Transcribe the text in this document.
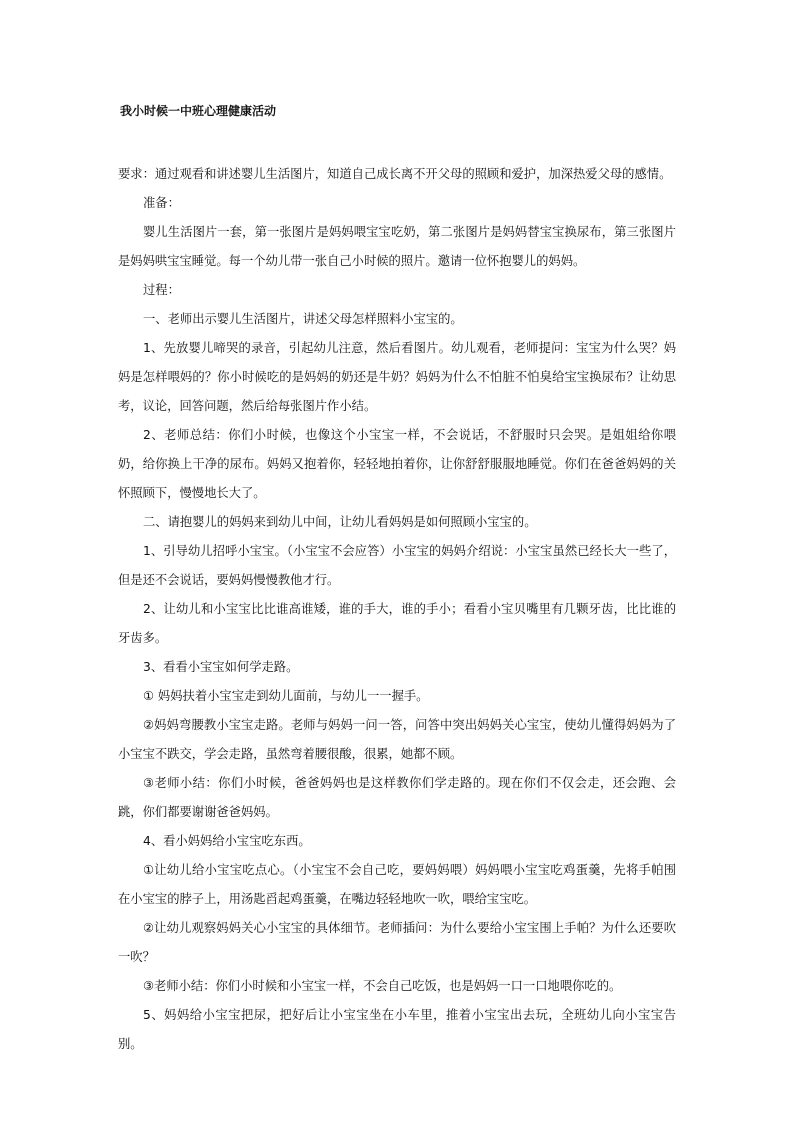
我小时候一中班心理健康活动

要求：通过观看和讲述婴儿生活图片，知道自己成长离不开父母的照顾和爱护，加深热爱父母的感情。

准备：

婴儿生活图片一套，第一张图片是妈妈喂宝宝吃奶，第二张图片是妈妈替宝宝换尿布，第三张图片是妈妈哄宝宝睡觉。每一个幼儿带一张自己小时候的照片。邀请一位怀抱婴儿的妈妈。

过程：

一、老师出示婴儿生活图片，讲述父母怎样照料小宝宝的。

1、先放婴儿啼哭的录音，引起幼儿注意，然后看图片。幼儿观看，老师提问：宝宝为什么哭？妈妈是怎样喂妈的？你小时候吃的是妈妈的奶还是牛奶？妈妈为什么不怕脏不怕臭给宝宝换尿布？让幼思考，议论，回答问题，然后给每张图片作小结。

2、老师总结：你们小时候，也像这个小宝宝一样，不会说话，不舒服时只会哭。是姐姐给你喂奶，给你换上干净的尿布。妈妈又抱着你，轻轻地拍着你，让你舒舒服服地睡觉。你们在爸爸妈妈的关怀照顾下，慢慢地长大了。

二、请抱婴儿的妈妈来到幼儿中间，让幼儿看妈妈是如何照顾小宝宝的。

1、引导幼儿招呼小宝宝。（小宝宝不会应答）小宝宝的妈妈介绍说：小宝宝虽然已经长大一些了，但是还不会说话，要妈妈慢慢教他才行。

2、让幼儿和小宝宝比比谁高谁矮，谁的手大，谁的手小；看看小宝贝嘴里有几颗牙齿，比比谁的牙齿多。

3、看看小宝宝如何学走路。

① 妈妈扶着小宝宝走到幼儿面前，与幼儿一一握手。

②妈妈弯腰教小宝宝走路。老师与妈妈一问一答，问答中突出妈妈关心宝宝，使幼儿懂得妈妈为了小宝宝不跌交，学会走路，虽然弯着腰很酸，很累，她都不顾。

③老师小结：你们小时候，爸爸妈妈也是这样教你们学走路的。现在你们不仅会走，还会跑、会跳，你们都要谢谢爸爸妈妈。

4、看小妈妈给小宝宝吃东西。

①让幼儿给小宝宝吃点心。（小宝宝不会自己吃，要妈妈喂）妈妈喂小宝宝吃鸡蛋羹，先将手帕围在小宝宝的脖子上，用汤匙舀起鸡蛋羹，在嘴边轻轻地吹一吹，喂给宝宝吃。

②让幼儿观察妈妈关心小宝宝的具体细节。老师插问：为什么要给小宝宝围上手帕？为什么还要吹一吹？

③老师小结：你们小时候和小宝宝一样，不会自己吃饭，也是妈妈一口一口地喂你吃的。

5、妈妈给小宝宝把尿，把好后让小宝宝坐在小车里，推着小宝宝出去玩，全班幼儿向小宝宝告别。
